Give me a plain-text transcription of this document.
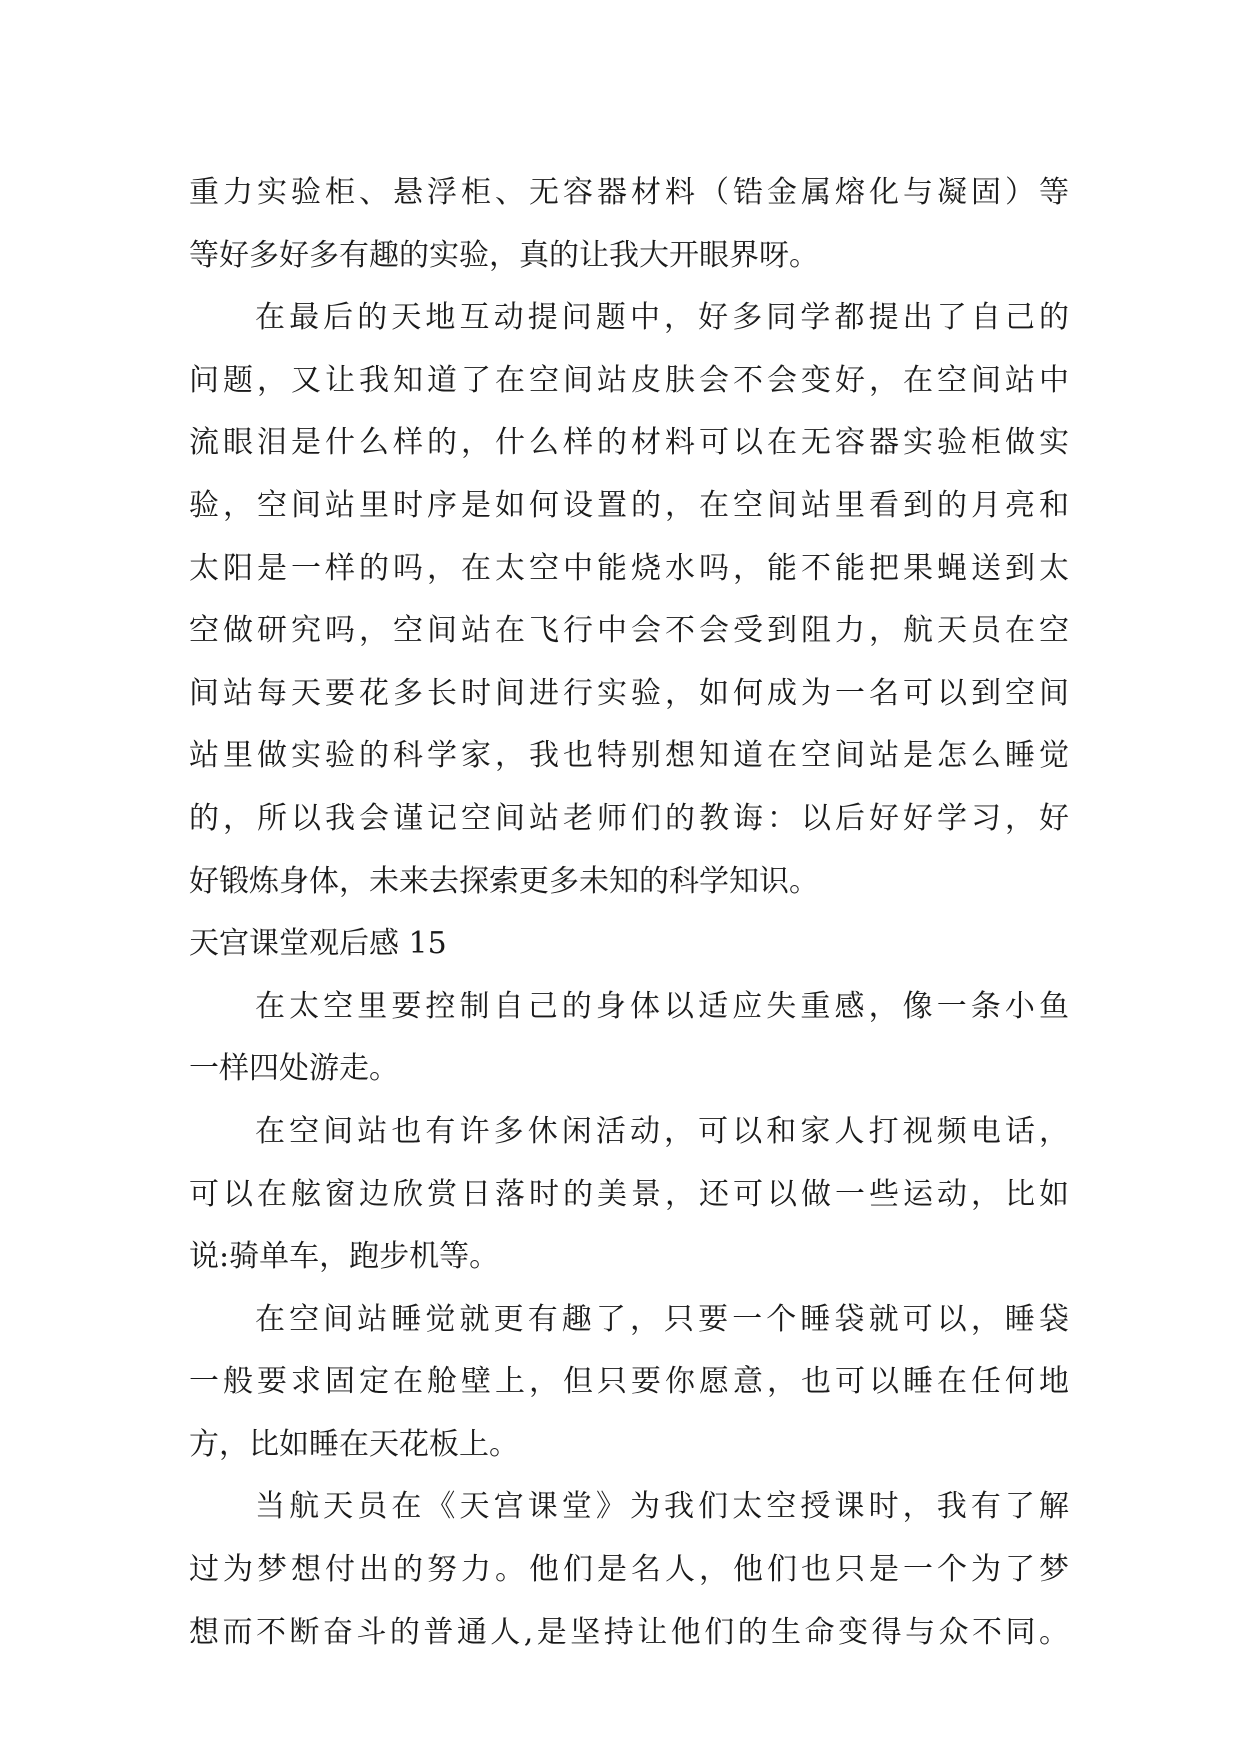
重力实验柜、悬浮柜、无容器材料（锆金属熔化与凝固）等
等好多好多有趣的实验，真的让我大开眼界呀。
在最后的天地互动提问题中，好多同学都提出了自己的
问题，又让我知道了在空间站皮肤会不会变好，在空间站中
流眼泪是什么样的，什么样的材料可以在无容器实验柜做实
验，空间站里时序是如何设置的，在空间站里看到的月亮和
太阳是一样的吗，在太空中能烧水吗，能不能把果蝇送到太
空做研究吗，空间站在飞行中会不会受到阻力，航天员在空
间站每天要花多长时间进行实验，如何成为一名可以到空间
站里做实验的科学家，我也特别想知道在空间站是怎么睡觉
的，所以我会谨记空间站老师们的教诲：以后好好学习，好
好锻炼身体，未来去探索更多未知的科学知识。
天宫课堂观后感 15
在太空里要控制自己的身体以适应失重感，像一条小鱼
一样四处游走。
在空间站也有许多休闲活动，可以和家人打视频电话，
可以在舷窗边欣赏日落时的美景，还可以做一些运动，比如
说:骑单车，跑步机等。
在空间站睡觉就更有趣了，只要一个睡袋就可以，睡袋
一般要求固定在舱壁上，但只要你愿意，也可以睡在任何地
方，比如睡在天花板上。
当航天员在《天宫课堂》为我们太空授课时，我有了解
过为梦想付出的努力。他们是名人，他们也只是一个为了梦
想而不断奋斗的普通人,是坚持让他们的生命变得与众不同。
